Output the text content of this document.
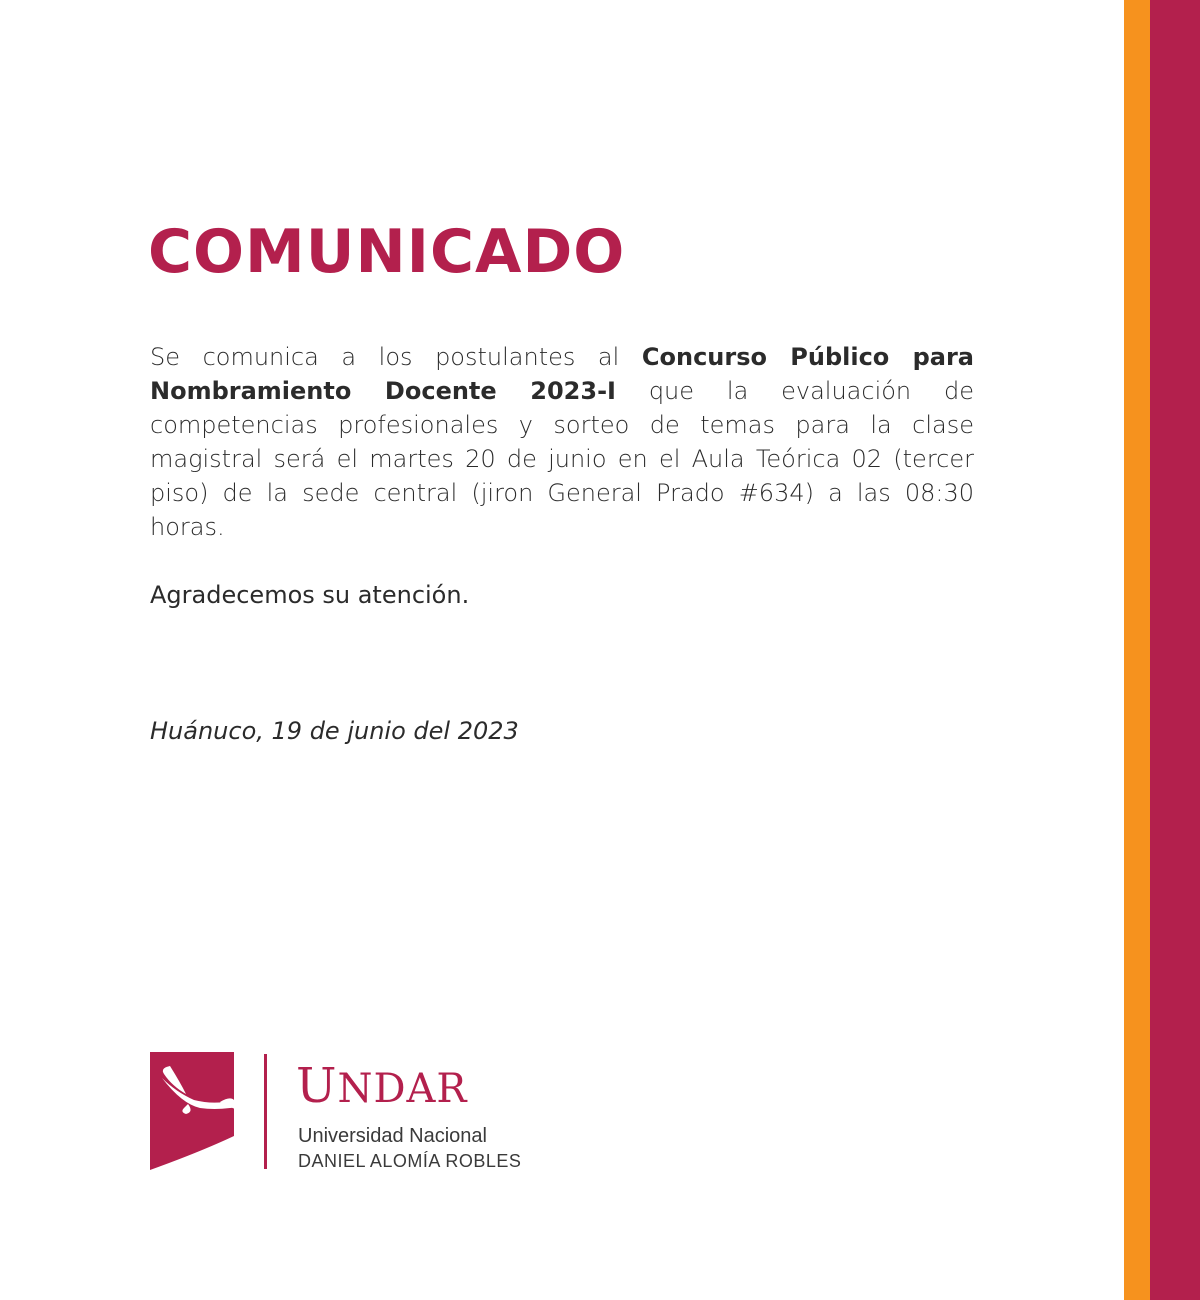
COMUNICADO

Se comunica a los postulantes al Concurso Público para Nombramiento Docente 2023-I que la evaluación de competencias profesionales y sorteo de temas para la clase magistral será el martes 20 de junio en el Aula Teórica 02 (tercer piso) de la sede central (jiron General Prado #634) a las 08:30 horas.

Agradecemos su atención.

Huánuco, 19 de junio del 2023

UNDAR
Universidad Nacional
DANIEL ALOMÍA ROBLES
